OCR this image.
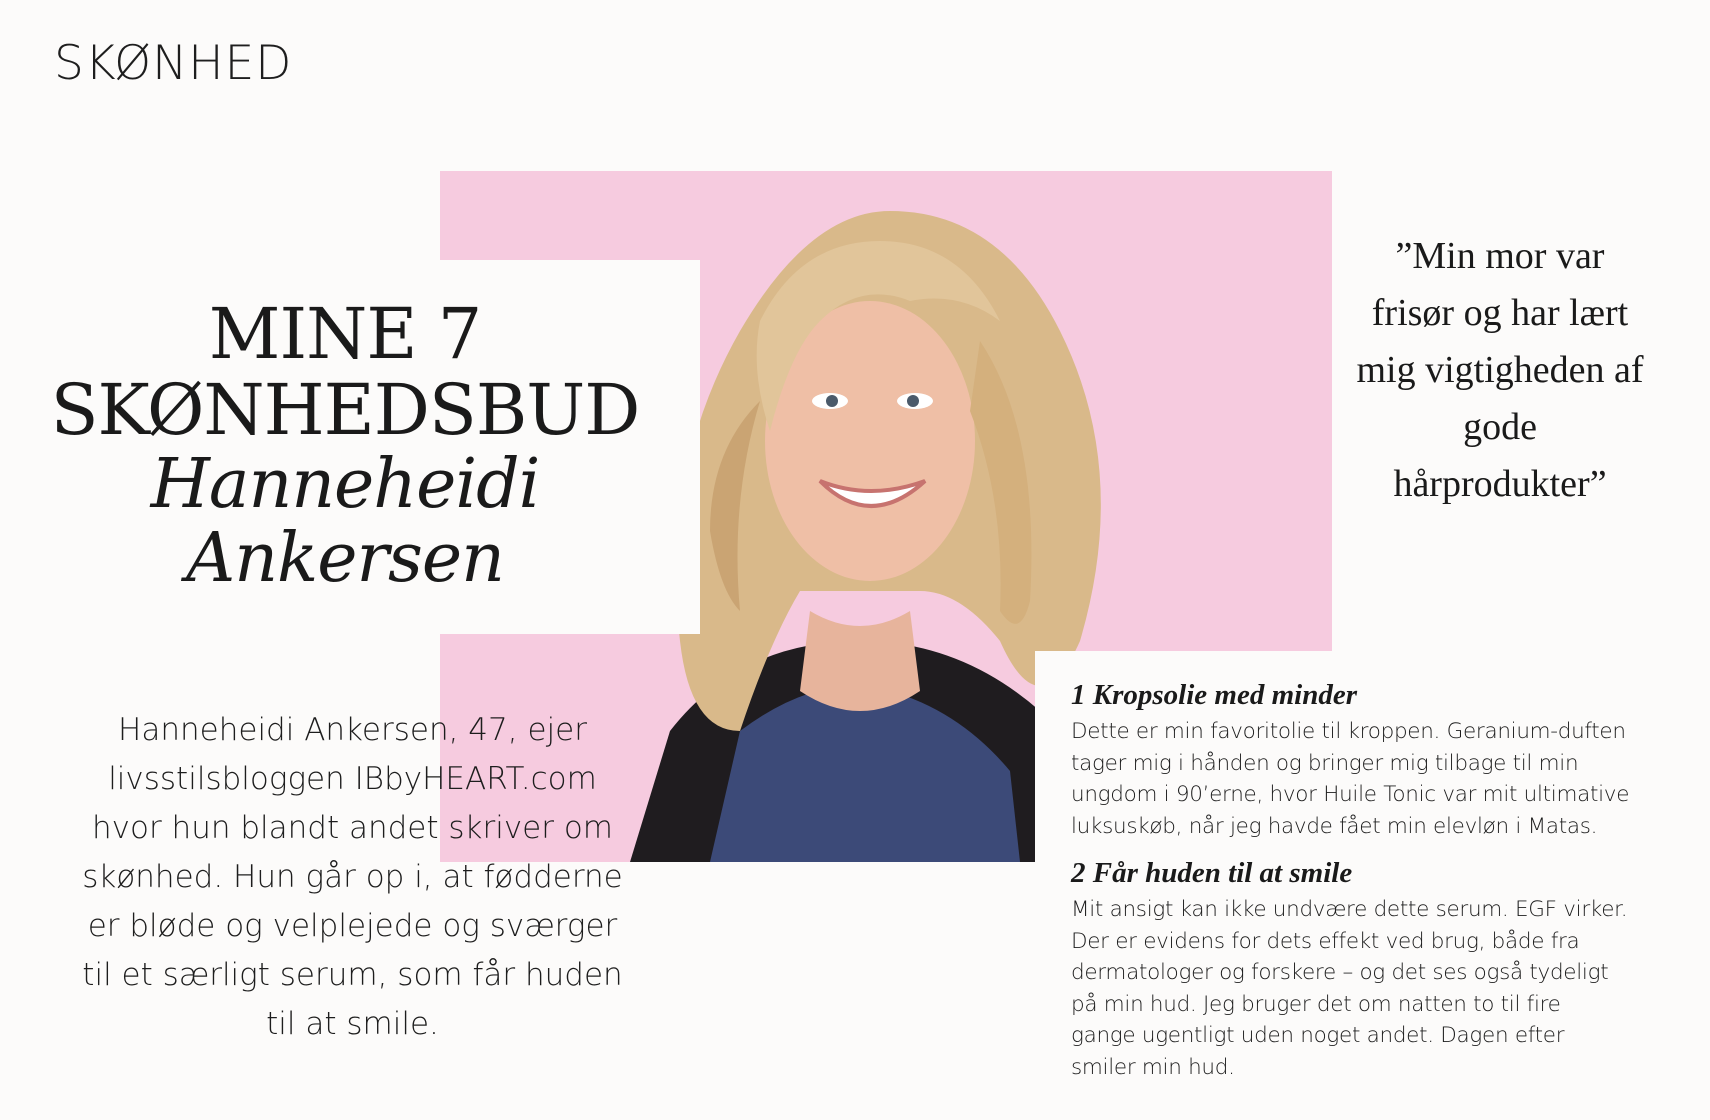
SKØNHED
MINE 7
SKØNHEDSBUD
Hanneheidi
Ankersen
Hanneheidi Ankersen, 47, ejer livsstilsbloggen IBbyHEART.com hvor hun blandt andet skriver om skønhed. Hun går op i, at fødderne er bløde og velplejede og sværger til et særligt serum, som får huden til at smile.
”Min mor var frisør og har lært mig vigtigheden af gode hårprodukter”
1 Kropsolie med minder

Dette er min favoritolie til kroppen. Geranium-duften tager mig i hånden og bringer mig tilbage til min ungdom i 90’erne, hvor Huile Tonic var mit ultimative luksuskøb, når jeg havde fået min elevløn i Matas.

2 Får huden til at smile

Mit ansigt kan ikke undvære dette serum. EGF virker. Der er evidens for dets effekt ved brug, både fra dermatologer og forskere – og det ses også tydeligt på min hud. Jeg bruger det om natten to til fire gange ugentligt uden noget andet. Dagen efter smiler min hud.
